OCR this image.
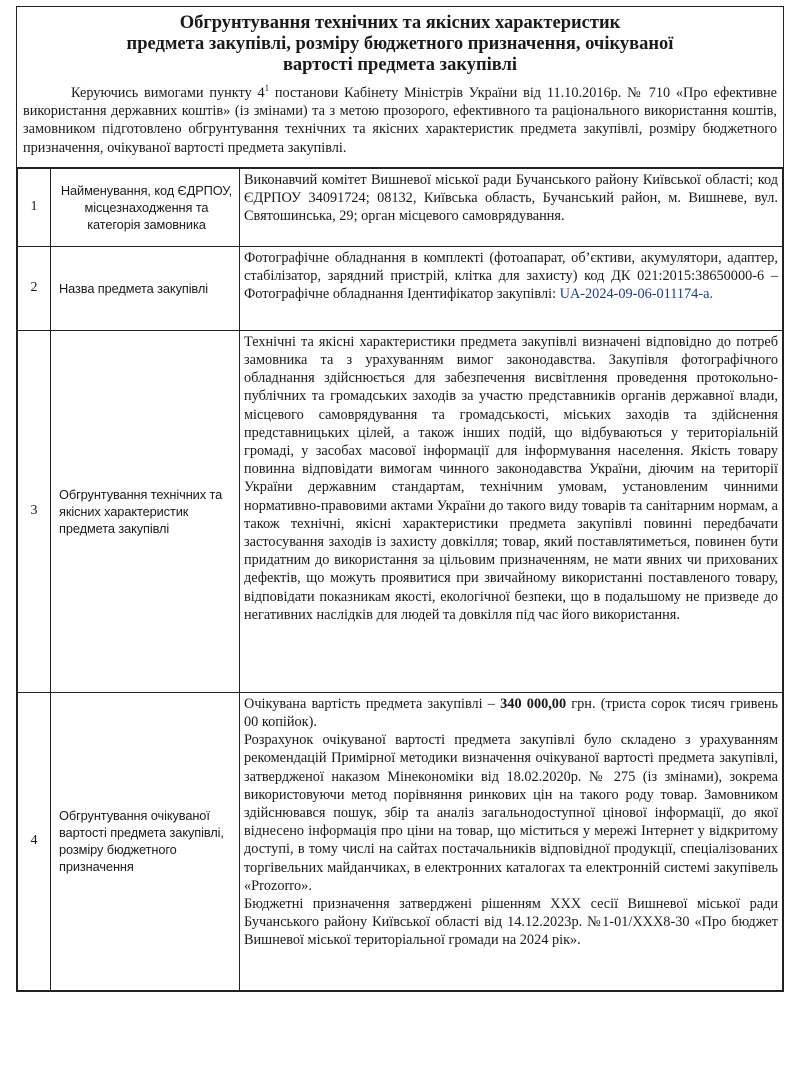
Обгрунтування технічних та якісних характеристик
предмета закупівлі, розміру бюджетного призначення, очікуваної
вартості предмета закупівлі

Керуючись вимогами пункту $4^1$ постанови Кабінету Міністрів України від 11.10.2016р. № 710 «Про ефективне використання державних коштів» (із змінами) та з метою прозорого, ефективного та раціонального використання коштів, замовником підготовлено обгрунтування технічних та якісних характеристик предмета закупівлі, розміру бюджетного призначення, очікуваної вартості предмета закупівлі.

1	Найменування, код ЄДРПОУ, місцезнаходження та категорія замовника	Виконавчий комітет Вишневої міської ради Бучанського району Київської області; код ЄДРПОУ 34091724; 08132, Київська область, Бучанський район, м. Вишневе, вул. Святошинська, 29; орган місцевого самоврядування.

2	Назва предмета закупівлі	Фотографічне обладнання в комплекті (фотоапарат, об’єктиви, акумулятори, адаптер, стабілізатор, зарядний пристрій, клітка для захисту) код ДК 021:2015:38650000-6 – Фотографічне обладнання Ідентифікатор закупівлі: UA-2024-09-06-011174-a.

3	Обгрунтування технічних та якісних характеристик предмета закупівлі	Технічні та якісні характеристики предмета закупівлі визначені відповідно до потреб замовника та з урахуванням вимог законодавства. Закупівля фотографічного обладнання здійснюється для забезпечення висвітлення проведення протокольно-публічних та громадських заходів за участю представників органів державної влади, місцевого самоврядування та громадськості, міських заходів та здійснення представницьких цілей, а також інших подій, що відбуваються у територіальній громаді, у засобах масової інформації для інформування населення. Якість товару повинна відповідати вимогам чинного законодавства України, діючим на території України державним стандартам, технічним умовам, установленим чинними нормативно-правовими актами України до такого виду товарів та санітарним нормам, а також технічні, якісні характеристики предмета закупівлі повинні передбачати застосування заходів із захисту довкілля; товар, який поставлятиметься, повинен бути придатним до використання за цільовим призначенням, не мати явних чи прихованих дефектів, що можуть проявитися при звичайному використанні поставленого товару, відповідати показникам якості, екологічної безпеки, що в подальшому не призведе до негативних наслідків для людей та довкілля під час його використання.

4	Обгрунтування очікуваної вартості предмета закупівлі, розміру бюджетного призначення	Очікувана вартість предмета закупівлі – 340 000,00 грн. (триста сорок тисяч гривень 00 копійок).

Розрахунок очікуваної вартості предмета закупівлі було складено з урахуванням рекомендацій Примірної методики визначення очікуваної вартості предмета закупівлі, затвердженої наказом Мінекономіки від 18.02.2020р. № 275 (із змінами), зокрема використовуючи метод порівняння ринкових цін на такого роду товар. Замовником здійснювався пошук, збір та аналіз загальнодоступної цінової інформації, до якої віднесено інформація про ціни на товар, що міститься у мережі Інтернет у відкритому доступі, в тому числі на сайтах постачальників відповідної продукції, спеціалізованих торгівельних майданчиках, в електронних каталогах та електронній системі закупівель «Prozorro».

Бюджетні призначення затверджені рішенням XXX сесії Вишневої міської ради Бучанського району Київської області від 14.12.2023р. №1-01/XXX8-30 «Про бюджет Вишневої міської територіальної громади на 2024 рік».
